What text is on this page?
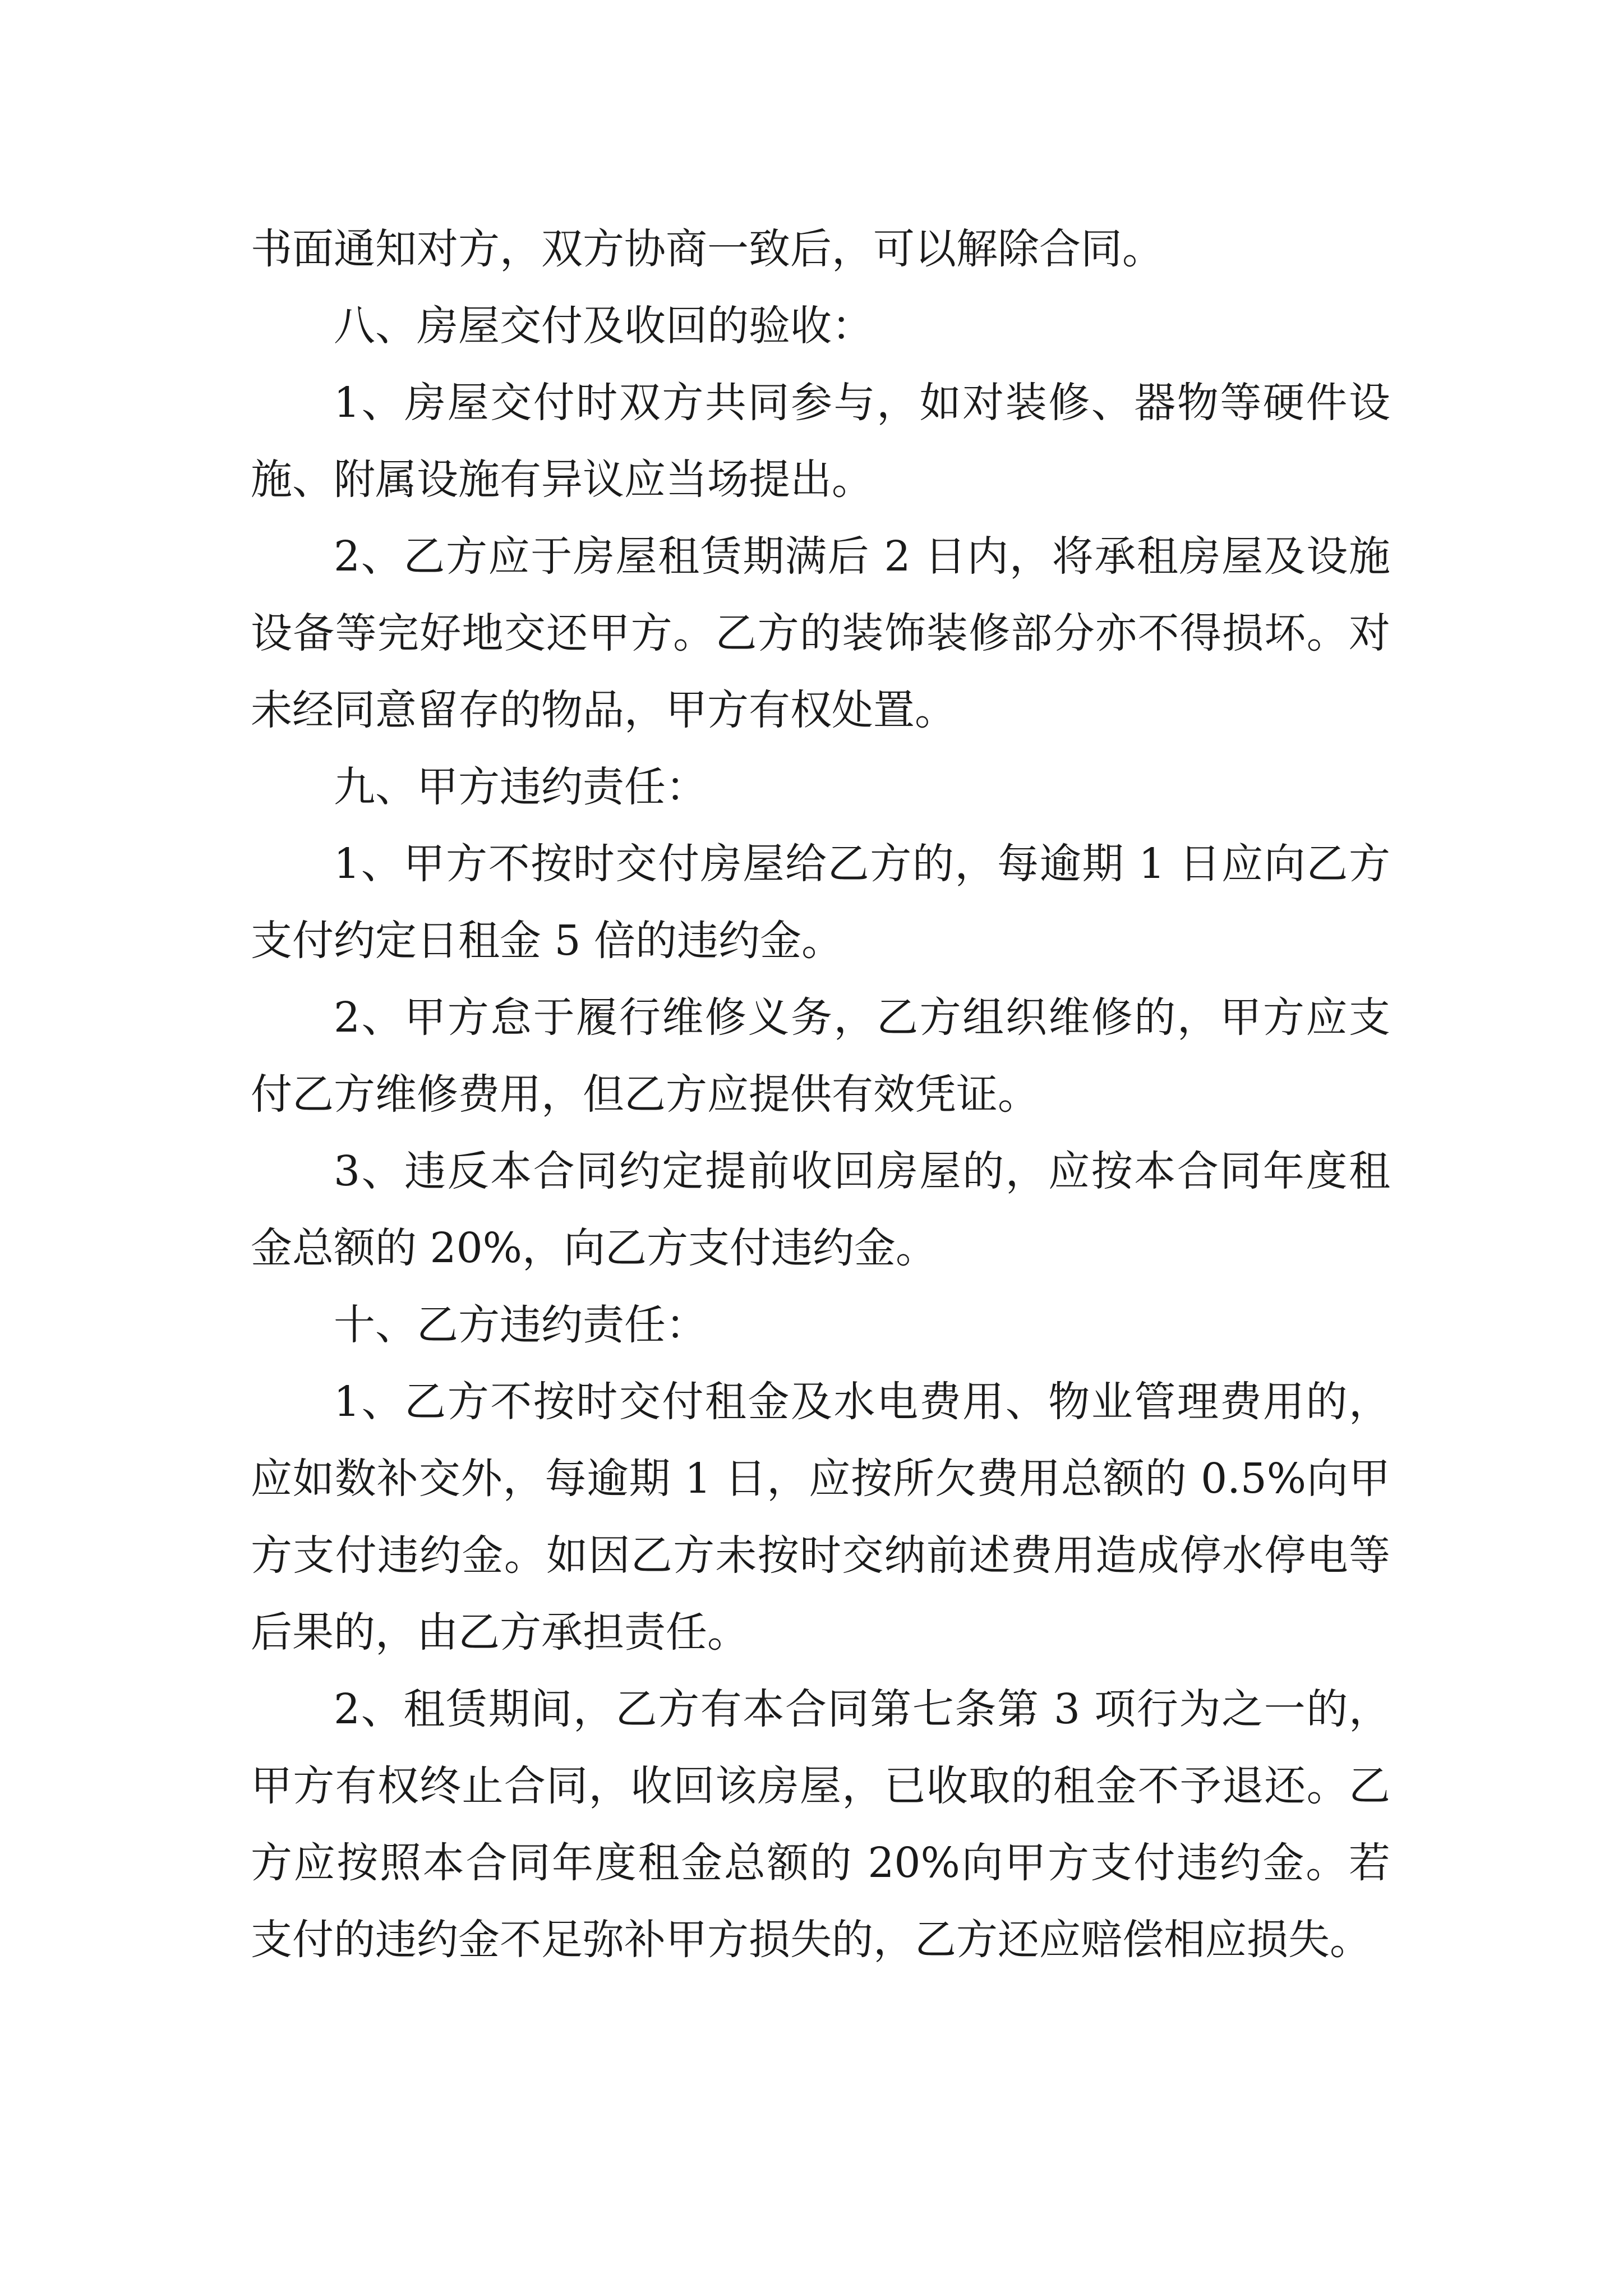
书面通知对方，双方协商一致后，可以解除合同。

八、房屋交付及收回的验收：

1、房屋交付时双方共同参与，如对装修、器物等硬件设施、附属设施有异议应当场提出。

2、乙方应于房屋租赁期满后 2 日内，将承租房屋及设施设备等完好地交还甲方。乙方的装饰装修部分亦不得损坏。对未经同意留存的物品，甲方有权处置。

九、甲方违约责任：

1、甲方不按时交付房屋给乙方的，每逾期 1 日应向乙方支付约定日租金 5 倍的违约金。

2、甲方怠于履行维修义务，乙方组织维修的，甲方应支付乙方维修费用，但乙方应提供有效凭证。

3、违反本合同约定提前收回房屋的，应按本合同年度租金总额的 20%，向乙方支付违约金。

十、乙方违约责任：

1、乙方不按时交付租金及水电费用、物业管理费用的，应如数补交外，每逾期 1 日，应按所欠费用总额的 0.5%向甲方支付违约金。如因乙方未按时交纳前述费用造成停水停电等后果的，由乙方承担责任。

2、租赁期间，乙方有本合同第七条第 3 项行为之一的，甲方有权终止合同，收回该房屋，已收取的租金不予退还。乙方应按照本合同年度租金总额的 20%向甲方支付违约金。若支付的违约金不足弥补甲方损失的，乙方还应赔偿相应损失。
